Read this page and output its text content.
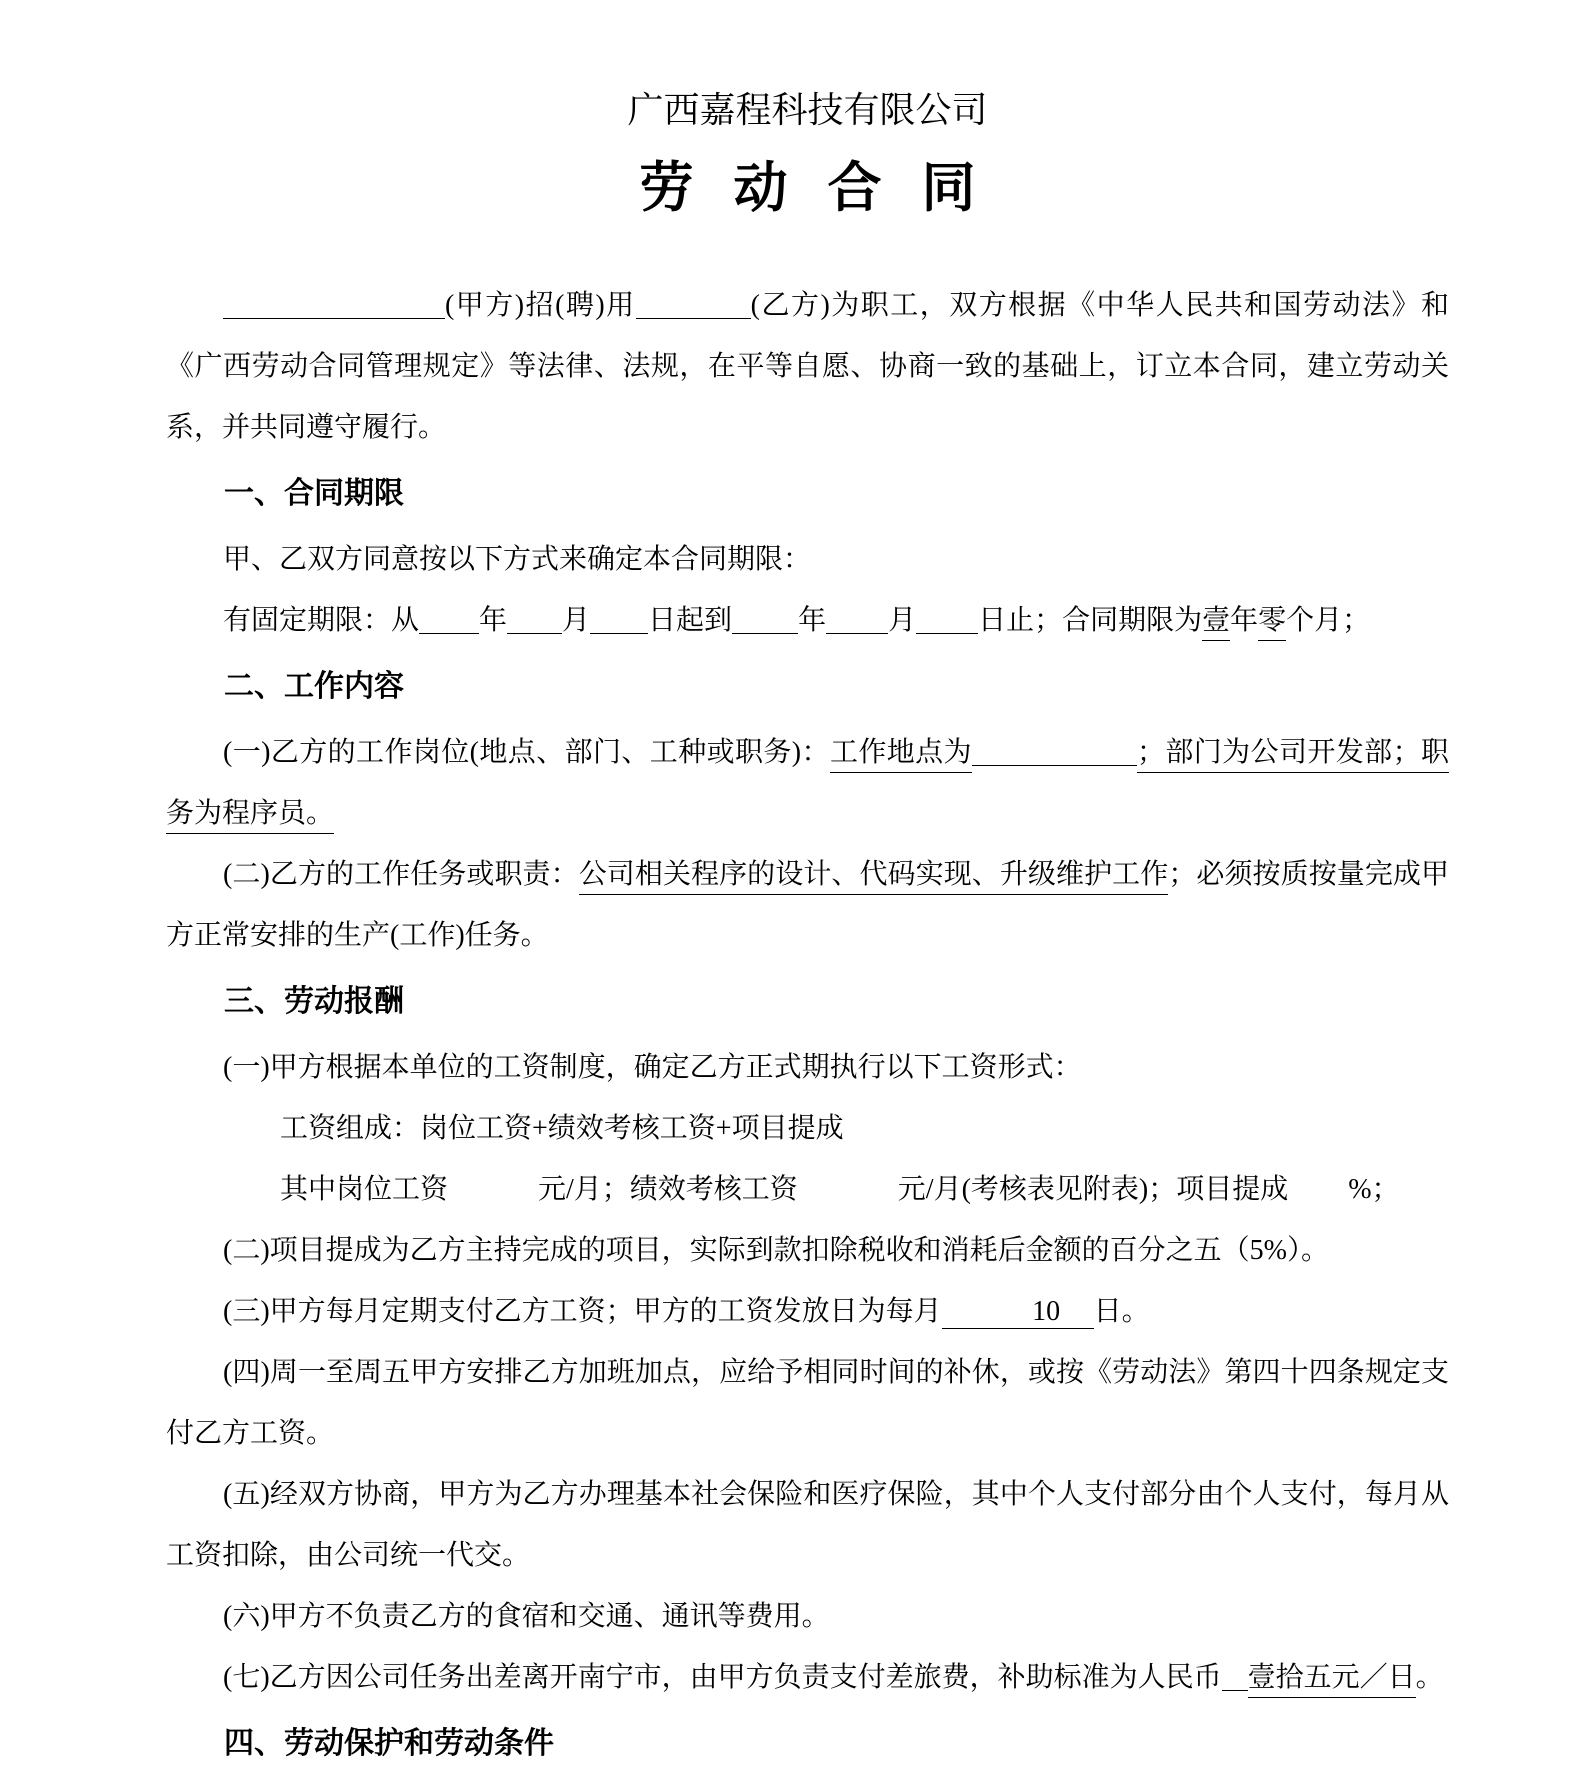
广西嘉程科技有限公司
劳动合同

(甲方)招(聘)用	(乙方)为职工，双方根据《中华人民共和国劳动法》和《广西劳动合同管理规定》等法律、法规，在平等自愿、协商一致的基础上，订立本合同，建立劳动关系，并共同遵守履行。

一、合同期限

甲、乙双方同意按以下方式来确定本合同期限：

有固定期限：从 年 月 日起到 年 月 日止；合同期限为壹年零个月；

二、工作内容

(一)乙方的工作岗位(地点、部门、工种或职务)：工作地点为	；部门为公司开发部；职务为程序员。

(二)乙方的工作任务或职责：公司相关程序的设计、代码实现、升级维护工作；必须按质按量完成甲方正常安排的生产(工作)任务。

三、劳动报酬

(一)甲方根据本单位的工资制度，确定乙方正式期执行以下工资形式：

工资组成：岗位工资+绩效考核工资+项目提成

其中岗位工资	元/月；绩效考核工资	元/月(考核表见附表)；项目提成 %；

(二)项目提成为乙方主持完成的项目，实际到款扣除税收和消耗后金额的百分之五（5%）。

(三)甲方每月定期支付乙方工资；甲方的工资发放日为每月	10 日。

(四)周一至周五甲方安排乙方加班加点，应给予相同时间的补休，或按《劳动法》第四十四条规定支付乙方工资。

(五)经双方协商，甲方为乙方办理基本社会保险和医疗保险，其中个人支付部分由个人支付，每月从工资扣除，由公司统一代交。

(六)甲方不负责乙方的食宿和交通、通讯等费用。

(七)乙方因公司任务出差离开南宁市，由甲方负责支付差旅费，补助标准为人民币 壹拾五元／日。

四、劳动保护和劳动条件
